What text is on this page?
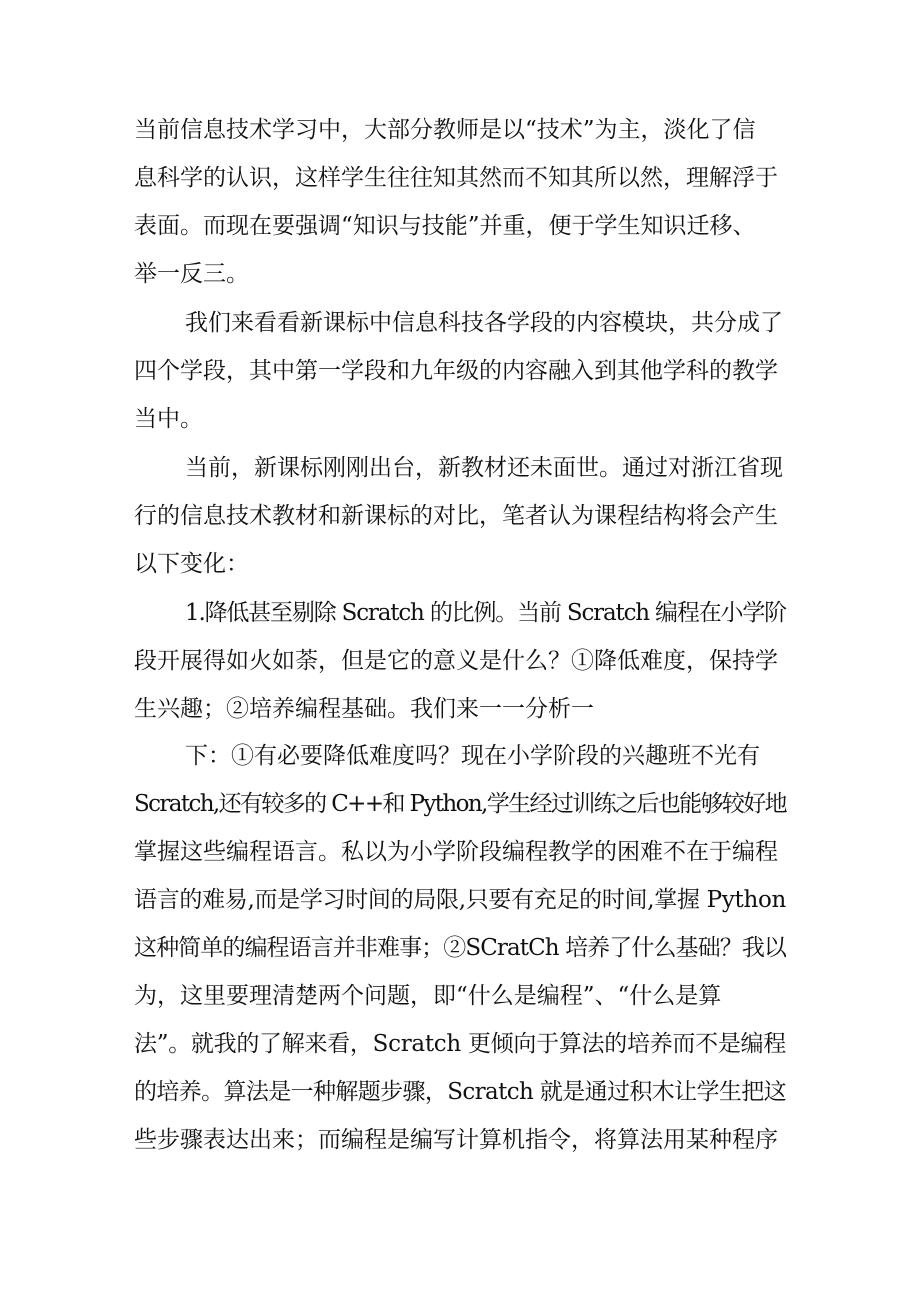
当前信息技术学习中，大部分教师是以“技术”为主，淡化了信
息科学的认识，这样学生往往知其然而不知其所以然，理解浮于
表面。而现在要强调“知识与技能”并重，便于学生知识迁移、
举一反三。
我们来看看新课标中信息科技各学段的内容模块，共分成了
四个学段，其中第一学段和九年级的内容融入到其他学科的教学
当中。
当前，新课标刚刚出台，新教材还未面世。通过对浙江省现
行的信息技术教材和新课标的对比，笔者认为课程结构将会产生
以下变化：
1.降低甚至剔除 Scratch 的比例。当前 Scratch 编程在小学阶
段开展得如火如荼，但是它的意义是什么？①降低难度，保持学
生兴趣；②培养编程基础。我们来一一分析一
下：①有必要降低难度吗？现在小学阶段的兴趣班不光有
Scratch,还有较多的 C++和 Python,学生经过训练之后也能够较好地
掌握这些编程语言。私以为小学阶段编程教学的困难不在于编程
语言的难易,而是学习时间的局限,只要有充足的时间,掌握 Python
这种简单的编程语言并非难事；②SCratCh 培养了什么基础？我以
为，这里要理清楚两个问题，即“什么是编程”、“什么是算
法”。就我的了解来看，Scratch 更倾向于算法的培养而不是编程
的培养。算法是一种解题步骤，Scratch 就是通过积木让学生把这
些步骤表达出来；而编程是编写计算机指令，将算法用某种程序
